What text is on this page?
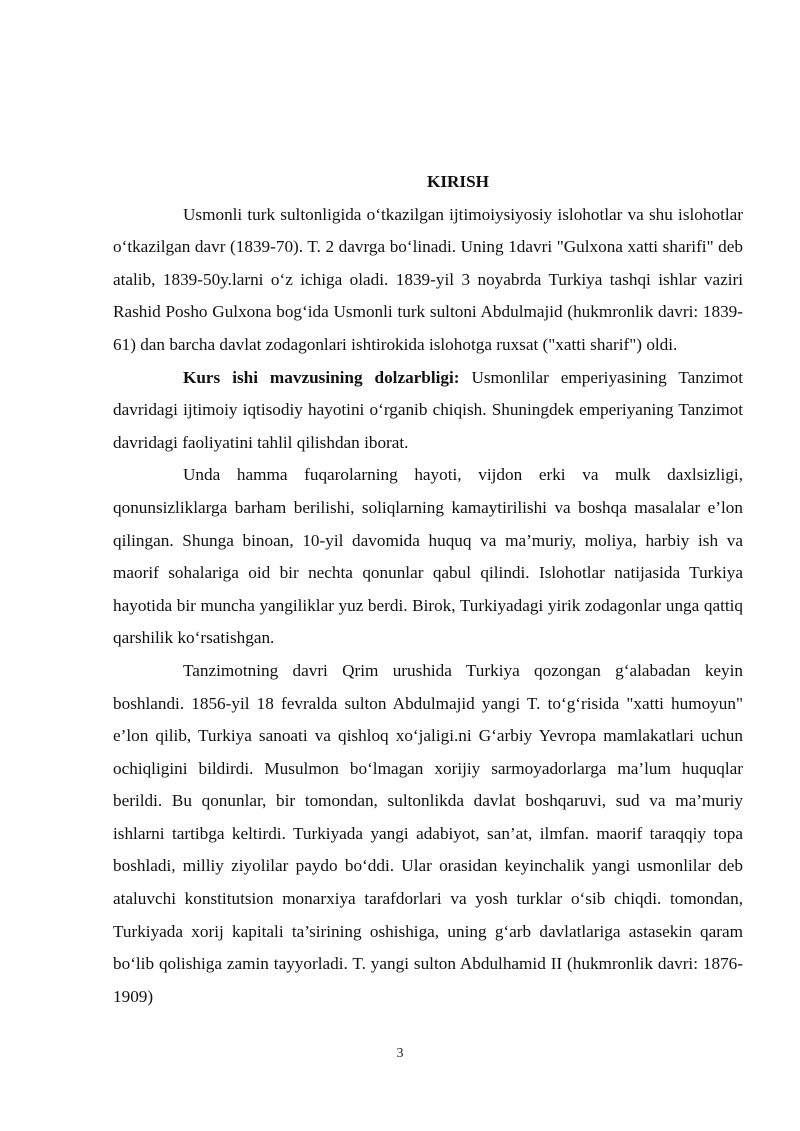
KIRISH

Usmonli turk sultonligida o‘tkazilgan ijtimoiysiyosiy islohotlar va shu islohotlar o‘tkazilgan davr (1839-70). T. 2 davrga bo‘linadi. Uning 1davri "Gulxona xatti sharifi" deb atalib, 1839-50y.larni o‘z ichiga oladi. 1839-yil 3 noyabrda Turkiya tashqi ishlar vaziri Rashid Posho Gulxona bog‘ida Usmonli turk sultoni Abdulmajid (hukmronlik davri: 1839-61) dan barcha davlat zodagonlari ishtirokida islohotga ruxsat ("xatti sharif") oldi.

Kurs ishi mavzusining dolzarbligi: Usmonlilar emperiyasining Tanzimot davridagi ijtimoiy iqtisodiy hayotini o‘rganib chiqish. Shuningdek emperiyaning Tanzimot davridagi faoliyatini tahlil qilishdan iborat.

Unda hamma fuqarolarning hayoti, vijdon erki va mulk daxlsizligi, qonunsizliklarga barham berilishi, soliqlarning kamaytirilishi va boshqa masalalar e’lon qilingan. Shunga binoan, 10-yil davomida huquq va ma’muriy, moliya, harbiy ish va maorif sohalariga oid bir nechta qonunlar qabul qilindi. Islohotlar natijasida Turkiya hayotida bir muncha yangiliklar yuz berdi. Birok, Turkiyadagi yirik zodagonlar unga qattiq qarshilik ko‘rsatishgan.

Tanzimotning davri Qrim urushida Turkiya qozongan g‘alabadan keyin boshlandi. 1856-yil 18 fevralda sulton Abdulmajid yangi T. to‘g‘risida "xatti humoyun" e’lon qilib, Turkiya sanoati va qishloq xo‘jaligi.ni G‘arbiy Yevropa mamlakatlari uchun ochiqligini bildirdi. Musulmon bo‘lmagan xorijiy sarmoyadorlarga ma’lum huquqlar berildi. Bu qonunlar, bir tomondan, sultonlikda davlat boshqaruvi, sud va ma’muriy ishlarni tartibga keltirdi. Turkiyada yangi adabiyot, san’at, ilmfan. maorif taraqqiy topa boshladi, milliy ziyolilar paydo bo‘ddi. Ular orasidan keyinchalik yangi usmonlilar deb ataluvchi konstitutsion monarxiya tarafdorlari va yosh turklar o‘sib chiqdi. tomondan, Turkiyada xorij kapitali ta’sirining oshishiga, uning g‘arb davlatlariga astasekin qaram bo‘lib qolishiga zamin tayyorladi. T. yangi sulton Abdulhamid II (hukmronlik davri: 1876-1909)

3
